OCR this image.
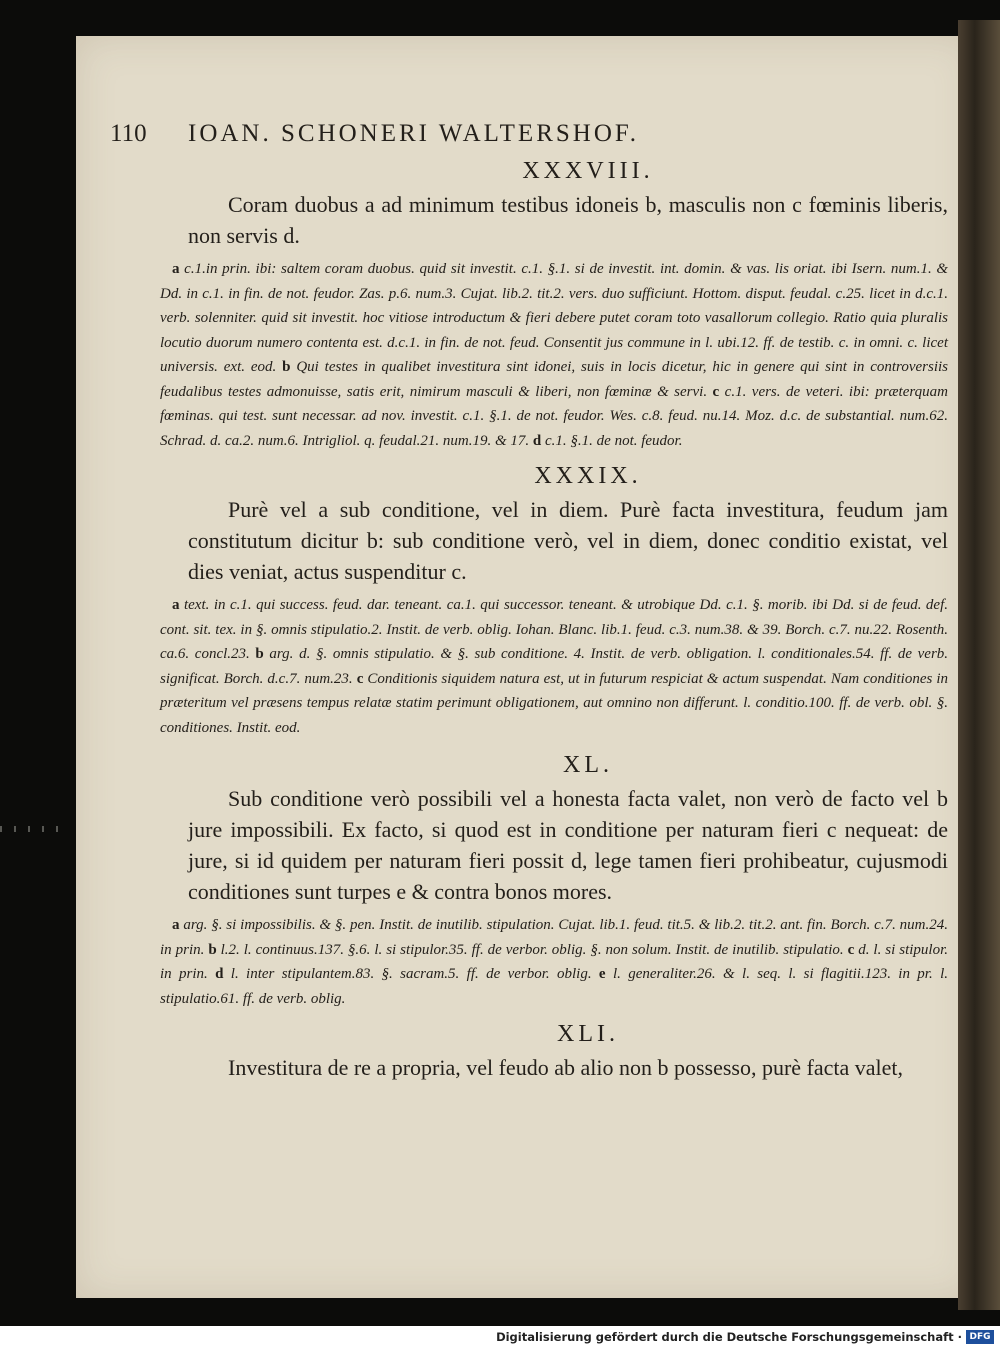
110 IOAN. SCHONERI WALTERSHOF.
XXXVIII.

Coram duobus a ad minimum testibus idoneis b, masculis non c fœminis liberis, non servis d.

a c.1.in prin. ibi: saltem coram duobus. quid sit investit. c.1. §.1. si de investit. int. domin. & vas. lis oriat. ibi Isern. num.1. & Dd. in c.1. in fin. de not. feudor. Zas. p.6. num.3. Cujat. lib.2. tit.2. vers. duo sufficiunt. Hottom. disput. feudal. c.25. licet in d.c.1. verb. solenniter. quid sit investit. hoc vitiose introductum & fieri debere putet coram toto vasallorum collegio. Ratio quia pluralis locutio duorum numero contenta est. d.c.1. in fin. de not. feud. Consentit jus commune in l. ubi.12. ff. de testib. c. in omni. c. licet universis. ext. eod. b Qui testes in qualibet investitura sint idonei, suis in locis dicetur, hic in genere qui sint in controversiis feudalibus testes admonuisse, satis erit, nimirum masculi & liberi, non fœminæ & servi. c c.1. vers. de veteri. ibi: præterquam fœminas. qui test. sunt necessar. ad nov. investit. c.1. §.1. de not. feudor. Wes. c.8. feud. nu.14. Moz. d.c. de substantial. num.62. Schrad. d. ca.2. num.6. Intrigliol. q. feudal.21. num.19. & 17. d c.1. §.1. de not. feudor.

XXXIX.

Purè vel a sub conditione, vel in diem. Purè facta investitura, feudum jam constitutum dicitur b: sub conditione verò, vel in diem, donec conditio existat, vel dies veniat, actus suspenditur c.

a text. in c.1. qui success. feud. dar. teneant. ca.1. qui successor. teneant. & utrobique Dd. c.1. §. morib. ibi Dd. si de feud. def. cont. sit. tex. in §. omnis stipulatio.2. Instit. de verb. oblig. Iohan. Blanc. lib.1. feud. c.3. num.38. & 39. Borch. c.7. nu.22. Rosenth. ca.6. concl.23. b arg. d. §. omnis stipulatio. & §. sub conditione. 4. Instit. de verb. obligation. l. conditionales.54. ff. de verb. significat. Borch. d.c.7. num.23. c Conditionis siquidem natura est, ut in futurum respiciat & actum suspendat. Nam conditiones in præteritum vel præsens tempus relatæ statim perimunt obligationem, aut omnino non differunt. l. conditio.100. ff. de verb. obl. §. conditiones. Instit. eod.

XL.

Sub conditione verò possibili vel a honesta facta valet, non verò de facto vel b jure impossibili. Ex facto, si quod est in conditione per naturam fieri c nequeat: de jure, si id quidem per naturam fieri possit d, lege tamen fieri prohibeatur, cujusmodi conditiones sunt turpes e & contra bonos mores.

a arg. §. si impossibilis. & §. pen. Instit. de inutilib. stipulation. Cujat. lib.1. feud. tit.5. & lib.2. tit.2. ant. fin. Borch. c.7. num.24. in prin. b l.2. l. continuus.137. §.6. l. si stipulor.35. ff. de verbor. oblig. §. non solum. Instit. de inutilib. stipulatio. c d. l. si stipulor. in prin. d l. inter stipulantem.83. §. sacram.5. ff. de verbor. oblig. e l. generaliter.26. & l. seq. l. si flagitii.123. in pr. l. stipulatio.61. ff. de verb. oblig.

XLI.

Investitura de re a propria, vel feudo ab alio non b possesso, purè facta valet,

Digitalisierung gefördert durch die Deutsche Forschungsgemeinschaft · DFG
